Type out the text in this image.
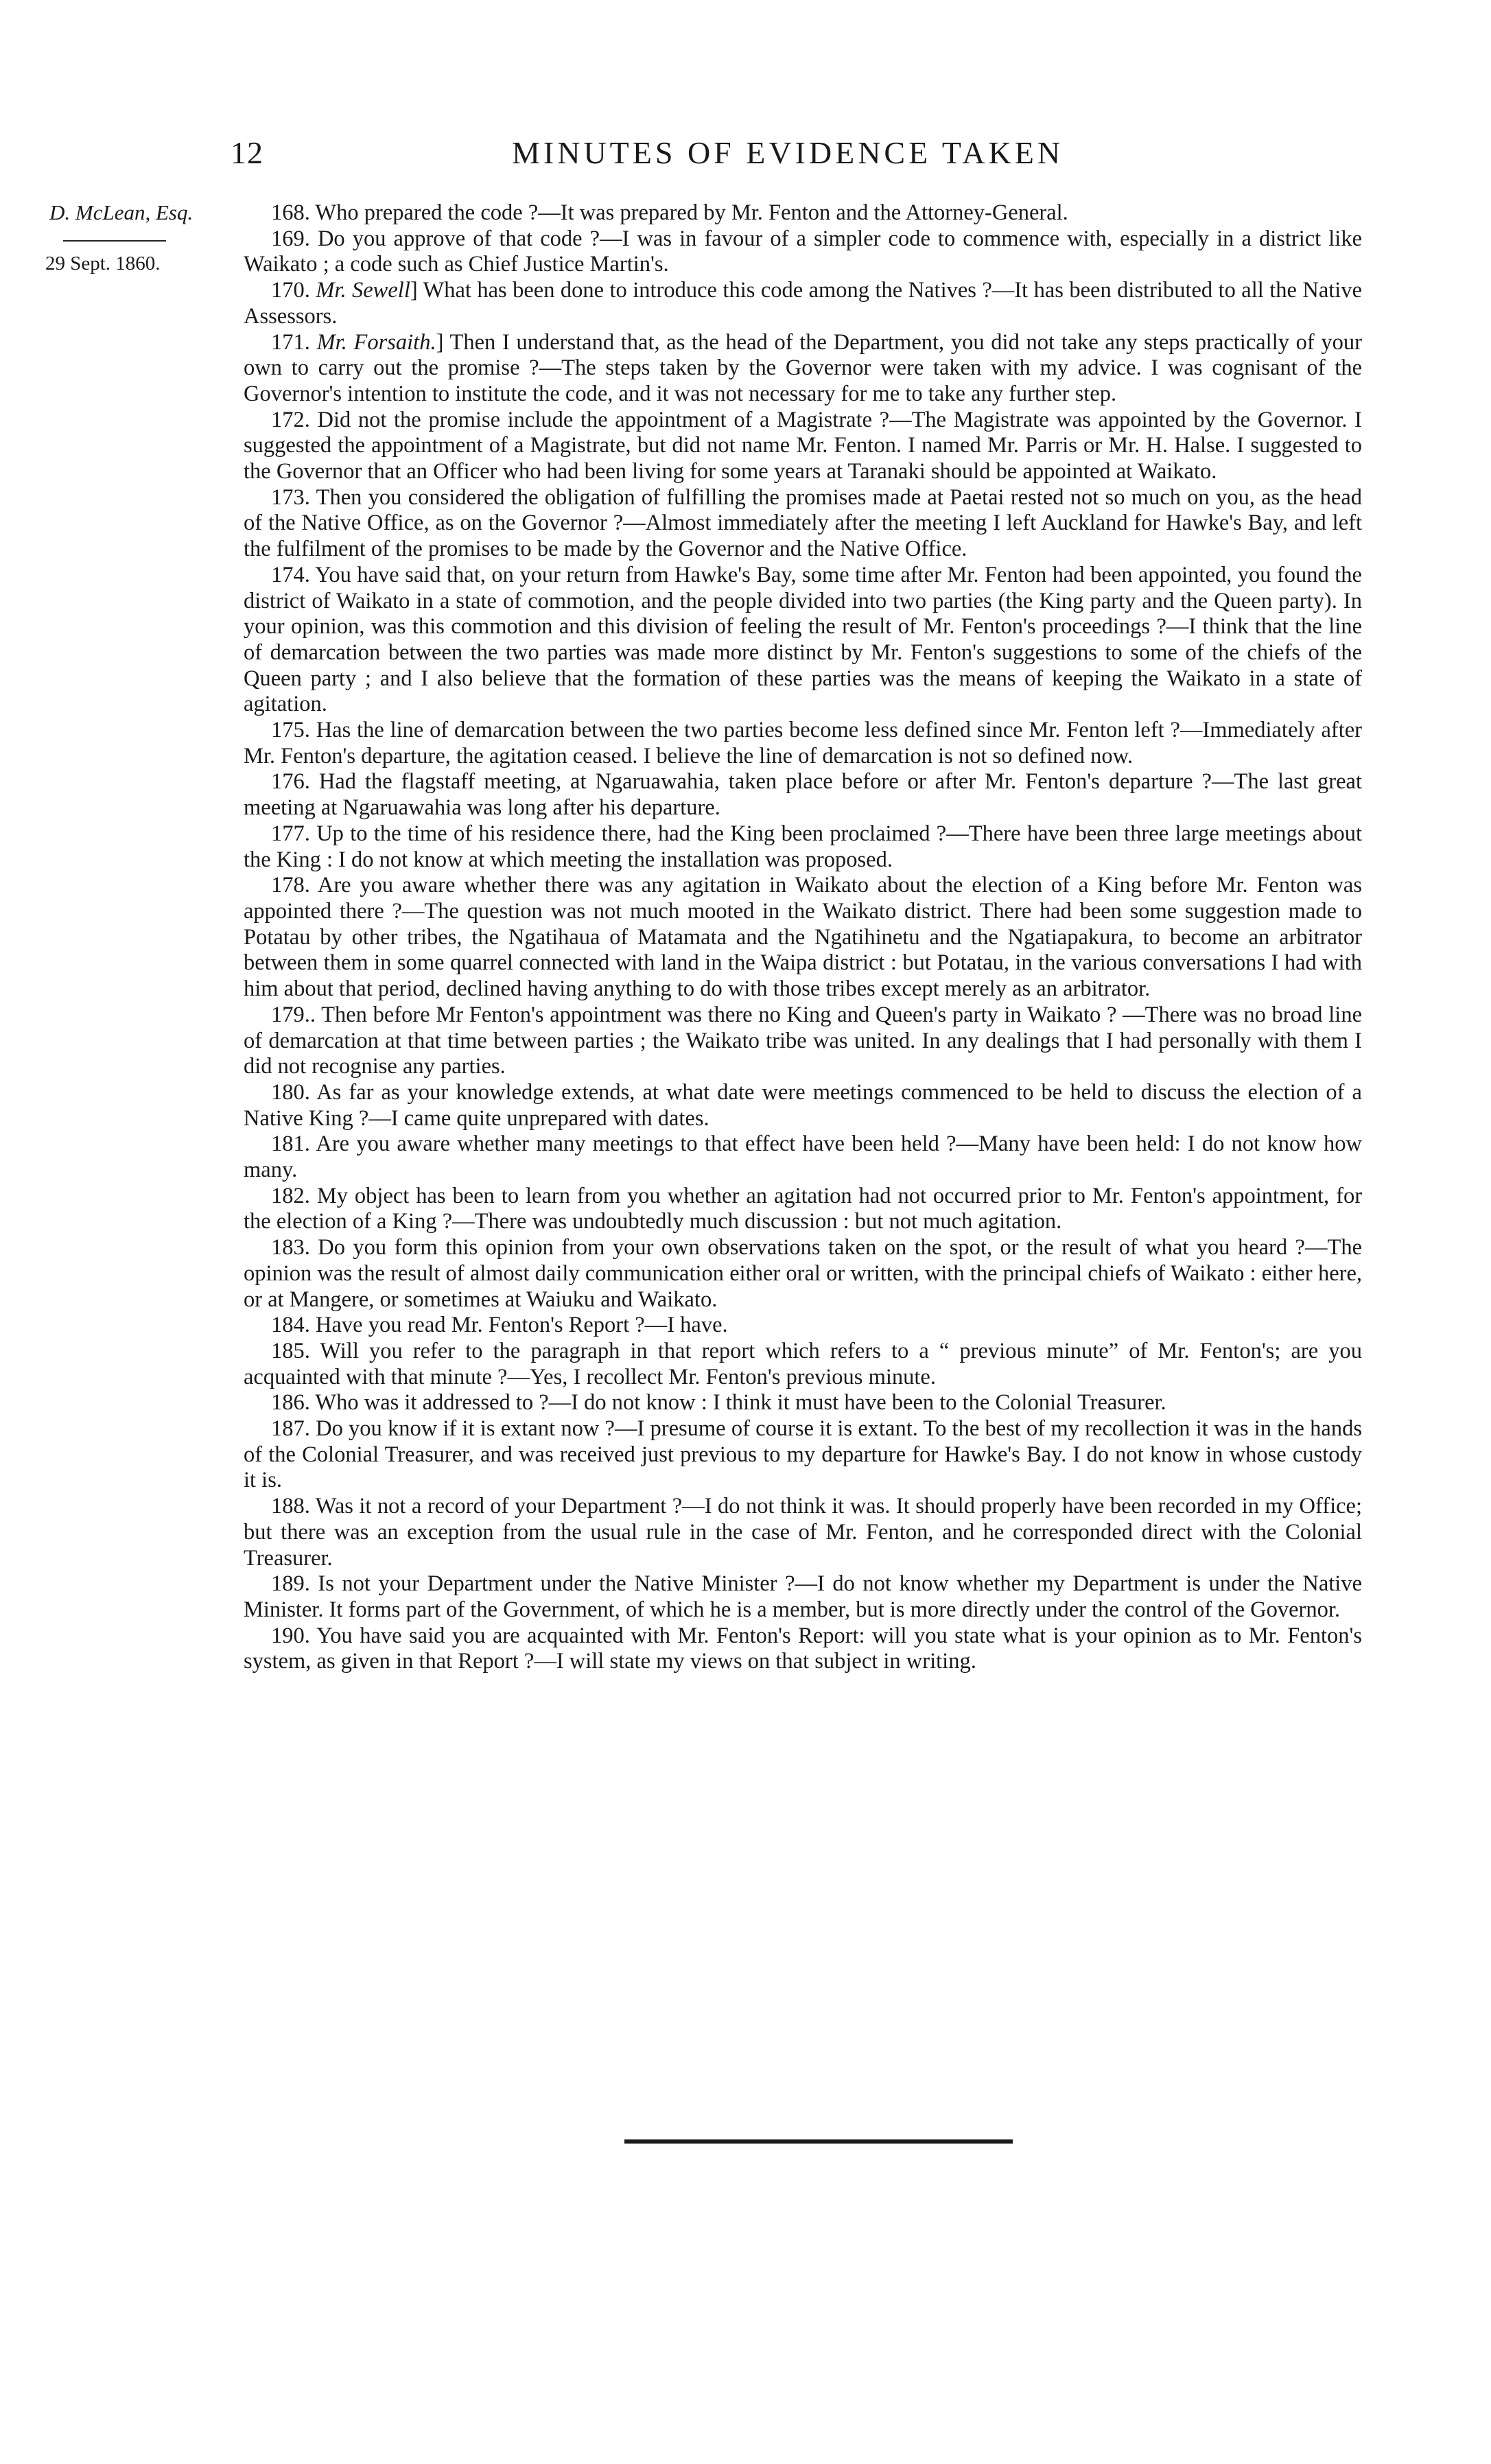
12	MINUTES OF EVIDENCE TAKEN
D. McLean, Esq.
29 Sept. 1860.

168. Who prepared the code ?—It was prepared by Mr. Fenton and the Attorney-General.

169. Do you approve of that code ?—I was in favour of a simpler code to commence with, especially in a district like Waikato ; a code such as Chief Justice Martin's.

170. Mr. Sewell] What has been done to introduce this code among the Natives ?—It has been distributed to all the Native Assessors.

171. Mr. Forsaith.] Then I understand that, as the head of the Department, you did not take any steps practically of your own to carry out the promise ?—The steps taken by the Governor were taken with my advice. I was cognisant of the Governor's intention to institute the code, and it was not necessary for me to take any further step.

172. Did not the promise include the appointment of a Magistrate ?—The Magistrate was appointed by the Governor. I suggested the appointment of a Magistrate, but did not name Mr. Fenton. I named Mr. Parris or Mr. H. Halse. I suggested to the Governor that an Officer who had been living for some years at Taranaki should be appointed at Waikato.

173. Then you considered the obligation of fulfilling the promises made at Paetai rested not so much on you, as the head of the Native Office, as on the Governor ?—Almost immediately after the meeting I left Auckland for Hawke's Bay, and left the fulfilment of the promises to be made by the Governor and the Native Office.

174. You have said that, on your return from Hawke's Bay, some time after Mr. Fenton had been appointed, you found the district of Waikato in a state of commotion, and the people divided into two parties (the King party and the Queen party). In your opinion, was this commotion and this division of feeling the result of Mr. Fenton's proceedings ?—I think that the line of demarcation between the two parties was made more distinct by Mr. Fenton's suggestions to some of the chiefs of the Queen party ; and I also believe that the formation of these parties was the means of keeping the Waikato in a state of agitation.

175. Has the line of demarcation between the two parties become less defined since Mr. Fenton left ?—Immediately after Mr. Fenton's departure, the agitation ceased. I believe the line of demarcation is not so defined now.

176. Had the flagstaff meeting, at Ngaruawahia, taken place before or after Mr. Fenton's departure ?—The last great meeting at Ngaruawahia was long after his departure.

177. Up to the time of his residence there, had the King been proclaimed ?—There have been three large meetings about the King : I do not know at which meeting the installation was proposed.

178. Are you aware whether there was any agitation in Waikato about the election of a King before Mr. Fenton was appointed there ?—The question was not much mooted in the Waikato district. There had been some suggestion made to Potatau by other tribes, the Ngatihaua of Matamata and the Ngatihinetu and the Ngatiapakura, to become an arbitrator between them in some quarrel connected with land in the Waipa district : but Potatau, in the various conversations I had with him about that period, declined having anything to do with those tribes except merely as an arbitrator.

179.. Then before Mr Fenton's appointment was there no King and Queen's party in Waikato ? —There was no broad line of demarcation at that time between parties ; the Waikato tribe was united. In any dealings that I had personally with them I did not recognise any parties.

180. As far as your knowledge extends, at what date were meetings commenced to be held to discuss the election of a Native King ?—I came quite unprepared with dates.

181. Are you aware whether many meetings to that effect have been held ?—Many have been held: I do not know how many.

182. My object has been to learn from you whether an agitation had not occurred prior to Mr. Fenton's appointment, for the election of a King ?—There was undoubtedly much discussion : but not much agitation.

183. Do you form this opinion from your own observations taken on the spot, or the result of what you heard ?—The opinion was the result of almost daily communication either oral or written, with the principal chiefs of Waikato : either here, or at Mangere, or sometimes at Waiuku and Waikato.

184. Have you read Mr. Fenton's Report ?—I have.

185. Will you refer to the paragraph in that report which refers to a “ previous minute” of Mr. Fenton's; are you acquainted with that minute ?—Yes, I recollect Mr. Fenton's previous minute.

186. Who was it addressed to ?—I do not know : I think it must have been to the Colonial Treasurer.

187. Do you know if it is extant now ?—I presume of course it is extant. To the best of my recollection it was in the hands of the Colonial Treasurer, and was received just previous to my departure for Hawke's Bay. I do not know in whose custody it is.

188. Was it not a record of your Department ?—I do not think it was. It should properly have been recorded in my Office; but there was an exception from the usual rule in the case of Mr. Fenton, and he corresponded direct with the Colonial Treasurer.

189. Is not your Department under the Native Minister ?—I do not know whether my Department is under the Native Minister. It forms part of the Government, of which he is a member, but is more directly under the control of the Governor.

190. You have said you are acquainted with Mr. Fenton's Report: will you state what is your opinion as to Mr. Fenton's system, as given in that Report ?—I will state my views on that subject in writing.
